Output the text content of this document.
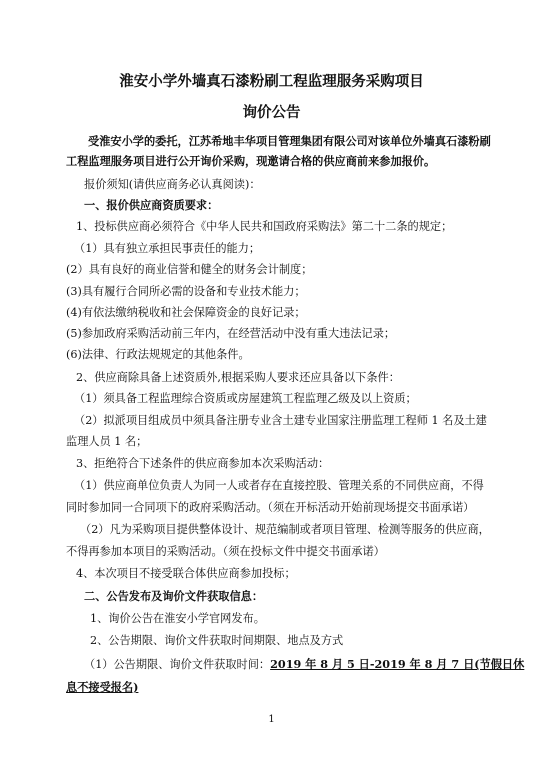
淮安小学外墙真石漆粉刷工程监理服务采购项目
询价公告
受淮安小学的委托，江苏希地丰华项目管理集团有限公司对该单位外墙真石漆粉刷
工程监理服务项目进行公开询价采购，现邀请合格的供应商前来参加报价。
报价须知(请供应商务必认真阅读)：
一、报价供应商资质要求：
1、投标供应商必须符合《中华人民共和国政府采购法》第二十二条的规定；
（1）具有独立承担民事责任的能力；
(2）具有良好的商业信誉和健全的财务会计制度；
(3)具有履行合同所必需的设备和专业技术能力；
(4)有依法缴纳税收和社会保障资金的良好记录；
(5)参加政府采购活动前三年内，在经营活动中没有重大违法记录；
(6)法律、行政法规规定的其他条件。
2、供应商除具备上述资质外,根据采购人要求还应具备以下条件：
（1）须具备工程监理综合资质或房屋建筑工程监理乙级及以上资质；
（2）拟派项目组成员中须具备注册专业含土建专业国家注册监理工程师 1 名及土建
监理人员 1 名；
3、拒绝符合下述条件的供应商参加本次采购活动：
（1）供应商单位负责人为同一人或者存在直接控股、管理关系的不同供应商，不得
同时参加同一合同项下的政府采购活动。（须在开标活动开始前现场提交书面承诺）
（2）凡为采购项目提供整体设计、规范编制或者项目管理、检测等服务的供应商，
不得再参加本项目的采购活动。（须在投标文件中提交书面承诺）
4、本次项目不接受联合体供应商参加投标；
二、公告发布及询价文件获取信息：
1、询价公告在淮安小学官网发布。
2、公告期限、询价文件获取时间期限、地点及方式
（1）公告期限、询价文件获取时间：2019 年 8 月 5 日-2019 年 8 月 7 日(节假日休
息不接受报名)
1
